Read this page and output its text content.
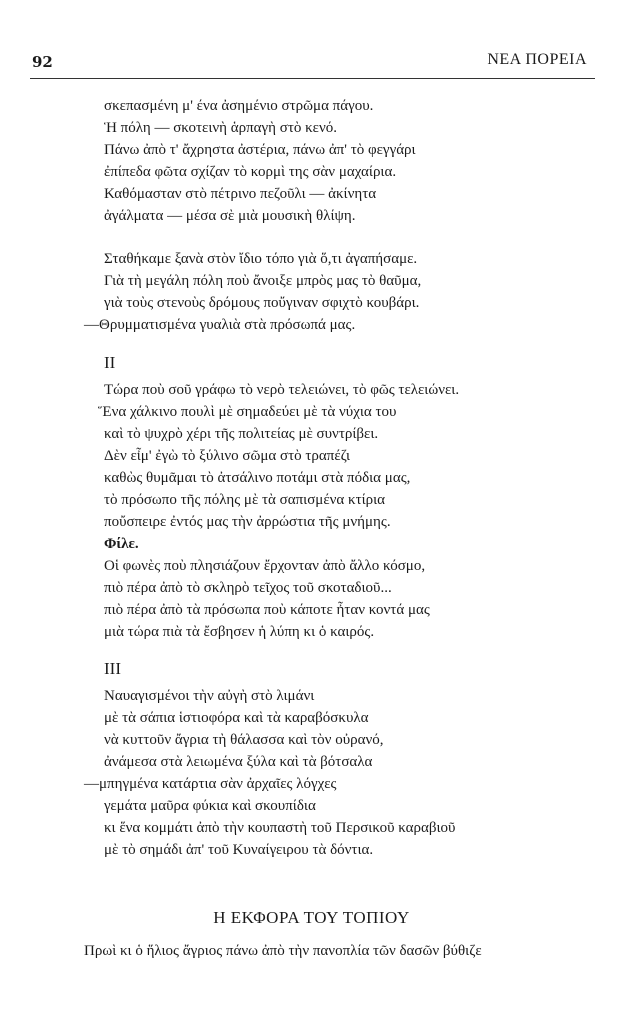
92	ΝΕΑ ΠΟΡΕΙΑ
σκεπασμένη μ' ένα ἀσημένιο στρῶμα πάγου.
Ἡ πόλη — σκοτεινὴ ἁρπαγὴ στὸ κενό.
Πάνω ἀπὸ τ' ἄχρηστα ἀστέρια, πάνω ἀπ' τὸ φεγγάρι
ἐπίπεδα φῶτα σχίζαν τὸ κορμὶ της σὰν μαχαίρια.
Καθόμασταν στὸ πέτρινο πεζοῦλι — ἀκίνητα
ἀγάλματα — μέσα σὲ μιὰ μουσικὴ θλίψη.
Σταθήκαμε ξανὰ στὸν ἴδιο τόπο γιὰ ὅ,τι ἀγαπήσαμε.
Γιὰ τὴ μεγάλη πόλη ποὺ ἄνοιξε μπρὸς μας τὸ θαῦμα,
γιὰ τοὺς στενοὺς δρόμους ποὔγιναν σφιχτὸ κουβάρι.
—Θρυμματισμένα γυαλιὰ στὰ πρόσωπά μας.
II
Τώρα ποὺ σοῦ γράφω τὸ νερὸ τελειώνει, τὸ φῶς τελειώνει.
Ἕνα χάλκινο πουλὶ μὲ σημαδεύει μὲ τὰ νύχια του
καὶ τὸ ψυχρὸ χέρι τῆς πολιτείας μὲ συντρίβει.
Δὲν εἶμ' ἐγὼ τὸ ξύλινο σῶμα στὸ τραπέζι
καθὼς θυμᾶμαι τὸ ἀτσάλινο ποτάμι στὰ πόδια μας,
τὸ πρόσωπο τῆς πόλης μὲ τὰ σαπισμένα κτίρια
ποὔσπειρε ἐντός μας τὴν ἀρρώστια τῆς μνήμης.
Φίλε.
Οἱ φωνὲς ποὺ πλησιάζουν ἔρχονταν ἀπὸ ἄλλο κόσμο,
πιὸ πέρα ἀπὸ τὸ σκληρὸ τεῖχος τοῦ σκοταδιοῦ...
πιὸ πέρα ἀπὸ τὰ πρόσωπα ποὺ κάποτε ἦταν κοντά μας
μιὰ τώρα πιὰ τὰ ἔσβησεν ἡ λύπη κι ὁ καιρός.
III
Ναυαγισμένοι τὴν αὐγὴ στὸ λιμάνι
μὲ τὰ σάπια ἱστιοφόρα καὶ τὰ καραβόσκυλα
νὰ κυττοῦν ἄγρια τὴ θάλασσα καὶ τὸν οὐρανό,
ἀνάμεσα στὰ λειωμένα ξύλα καὶ τὰ βότσαλα
—μπηγμένα κατάρτια σὰν ἀρχαῖες λόγχες
γεμάτα μαῦρα φύκια καὶ σκουπίδια
κι ἕνα κομμάτι ἀπὸ τὴν κουπαστὴ τοῦ Περσικοῦ καραβιοῦ
μὲ τὸ σημάδι ἀπ' τοῦ Κυναίγειρου τὰ δόντια.
Η ΕΚΦΟΡΑ ΤΟΥ ΤΟΠΙΟΥ
Πρωὶ κι ὁ ἥλιος ἄγριος πάνω ἀπὸ τὴν πανοπλία τῶν δασῶν βύθιζε
